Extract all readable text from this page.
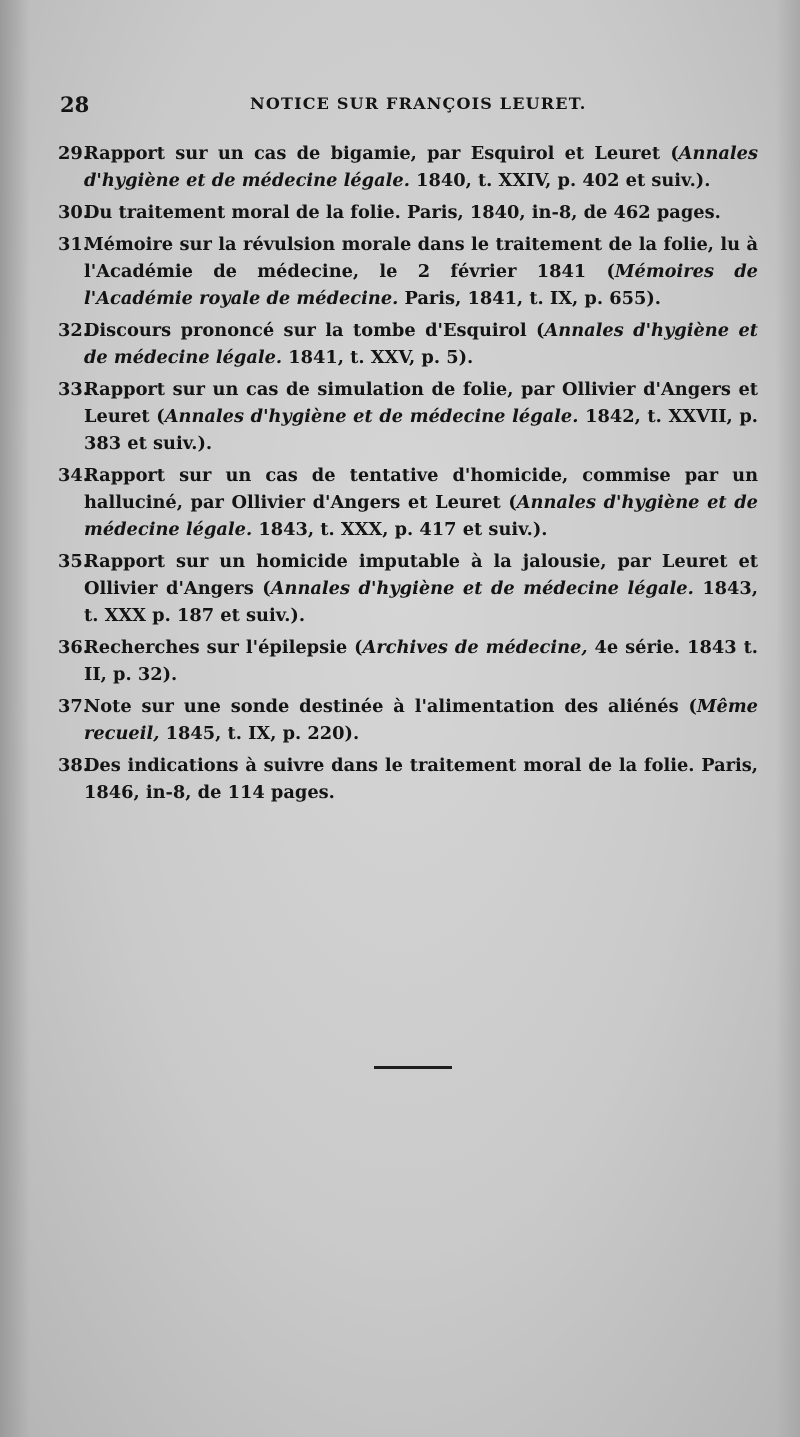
28	NOTICE SUR FRANÇOIS LEURET.

29.Rapport sur un cas de bigamie, par Esquirol et Leuret (Annales d'hygiène et de médecine légale. 1840, t. XXIV, p. 402 et suiv.).

30.Du traitement moral de la folie. Paris, 1840, in-8, de 462 pages.

31.Mémoire sur la révulsion morale dans le traitement de la folie, lu à l'Académie de médecine, le 2 février 1841 (Mémoires de l'Académie royale de médecine. Paris, 1841, t. IX, p. 655).

32.Discours prononcé sur la tombe d'Esquirol (Annales d'hygiène et de médecine légale. 1841, t. XXV, p. 5).

33.Rapport sur un cas de simulation de folie, par Ollivier d'Angers et Leuret (Annales d'hygiène et de médecine légale. 1842, t. XXVII, p. 383 et suiv.).

34.Rapport sur un cas de tentative d'homicide, commise par un halluciné, par Ollivier d'Angers et Leuret (Annales d'hygiène et de médecine légale. 1843, t. XXX, p. 417 et suiv.).

35.Rapport sur un homicide imputable à la jalousie, par Leuret et Ollivier d'Angers (Annales d'hygiène et de médecine légale. 1843, t. XXX p. 187 et suiv.).

36.Recherches sur l'épilepsie (Archives de médecine, 4e série. 1843 t. II, p. 32).

37.Note sur une sonde destinée à l'alimentation des aliénés (Même recueil, 1845, t. IX, p. 220).

38.Des indications à suivre dans le traitement moral de la folie. Paris, 1846, in-8, de 114 pages.
